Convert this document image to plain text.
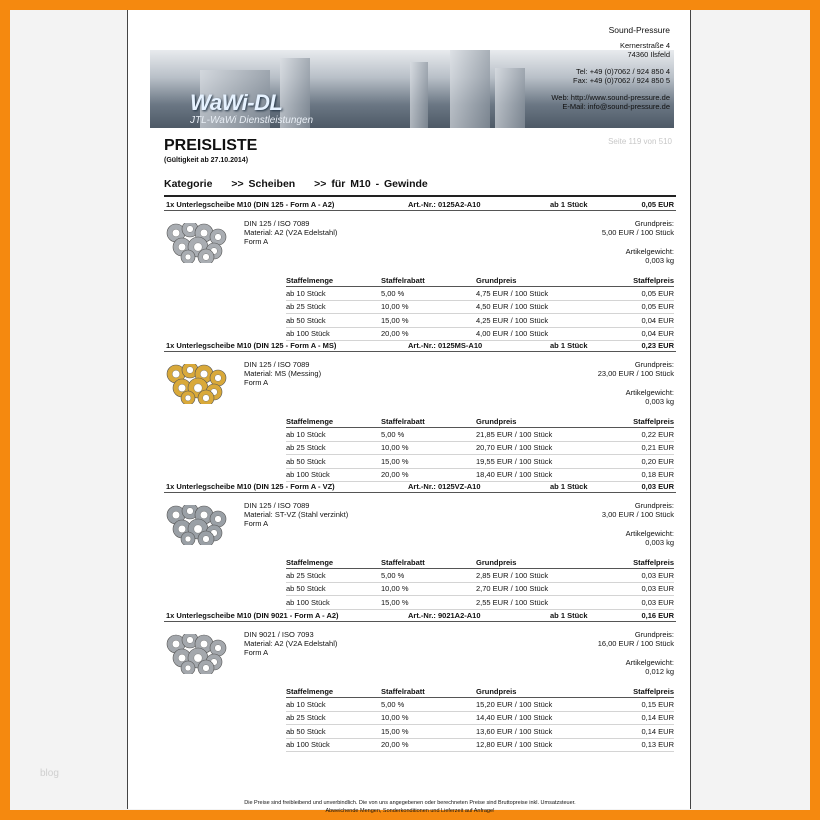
blog
WaWi-DL
JTL-WaWi Dienstleistungen
Sound-Pressure
Kernerstraße 4
74360 Ilsfeld
Tel: +49 (0)7062 / 924 850 4
Fax: +49 (0)7062 / 924 850 5
Web: http://www.sound-pressure.de
E-Mail: info@sound-pressure.de
PREISLISTE
(Gültigkeit ab 27.10.2014)
Seite 119 von 510
Kategorie >> Scheiben >> für M10 - Gewinde
1x Unterlegscheibe M10 (DIN 125 - Form A - A2)	Art.-Nr.: 0125A2-A10	ab 1 Stück	0,05 EUR
DIN 125 / ISO 7089
Material: A2 (V2A Edelstahl)
Form A
Grundpreis:
5,00 EUR / 100 Stück
Artikelgewicht:
0,003 kg
Staffelmenge	Staffelrabatt	Grundpreis	Staffelpreis
ab 10 Stück	5,00 %	4,75 EUR / 100 Stück	0,05 EUR
ab 25 Stück	10,00 %	4,50 EUR / 100 Stück	0,05 EUR
ab 50 Stück	15,00 %	4,25 EUR / 100 Stück	0,04 EUR
ab 100 Stück	20,00 %	4,00 EUR / 100 Stück	0,04 EUR
1x Unterlegscheibe M10 (DIN 125 - Form A - MS)	Art.-Nr.: 0125MS-A10	ab 1 Stück	0,23 EUR
DIN 125 / ISO 7089
Material: MS (Messing)
Form A
Grundpreis:
23,00 EUR / 100 Stück
Artikelgewicht:
0,003 kg
Staffelmenge	Staffelrabatt	Grundpreis	Staffelpreis
ab 10 Stück	5,00 %	21,85 EUR / 100 Stück	0,22 EUR
ab 25 Stück	10,00 %	20,70 EUR / 100 Stück	0,21 EUR
ab 50 Stück	15,00 %	19,55 EUR / 100 Stück	0,20 EUR
ab 100 Stück	20,00 %	18,40 EUR / 100 Stück	0,18 EUR
1x Unterlegscheibe M10 (DIN 125 - Form A - VZ)	Art.-Nr.: 0125VZ-A10	ab 1 Stück	0,03 EUR
DIN 125 / ISO 7089
Material: ST-VZ (Stahl verzinkt)
Form A
Grundpreis:
3,00 EUR / 100 Stück
Artikelgewicht:
0,003 kg
Staffelmenge	Staffelrabatt	Grundpreis	Staffelpreis
ab 25 Stück	5,00 %	2,85 EUR / 100 Stück	0,03 EUR
ab 50 Stück	10,00 %	2,70 EUR / 100 Stück	0,03 EUR
ab 100 Stück	15,00 %	2,55 EUR / 100 Stück	0,03 EUR
1x Unterlegscheibe M10 (DIN 9021 - Form A - A2)	Art.-Nr.: 9021A2-A10	ab 1 Stück	0,16 EUR
DIN 9021 / ISO 7093
Material: A2 (V2A Edelstahl)
Form A
Grundpreis:
16,00 EUR / 100 Stück
Artikelgewicht:
0,012 kg
Staffelmenge	Staffelrabatt	Grundpreis	Staffelpreis
ab 10 Stück	5,00 %	15,20 EUR / 100 Stück	0,15 EUR
ab 25 Stück	10,00 %	14,40 EUR / 100 Stück	0,14 EUR
ab 50 Stück	15,00 %	13,60 EUR / 100 Stück	0,14 EUR
ab 100 Stück	20,00 %	12,80 EUR / 100 Stück	0,13 EUR
Die Preise sind freibleibend und unverbindlich. Die von uns angegebenen oder berechneten Preise sind Bruttopreise inkl. Umsatzsteuer.
Abweichende Mengen, Sonderkonditionen und Lieferzeit auf Anfrage!
